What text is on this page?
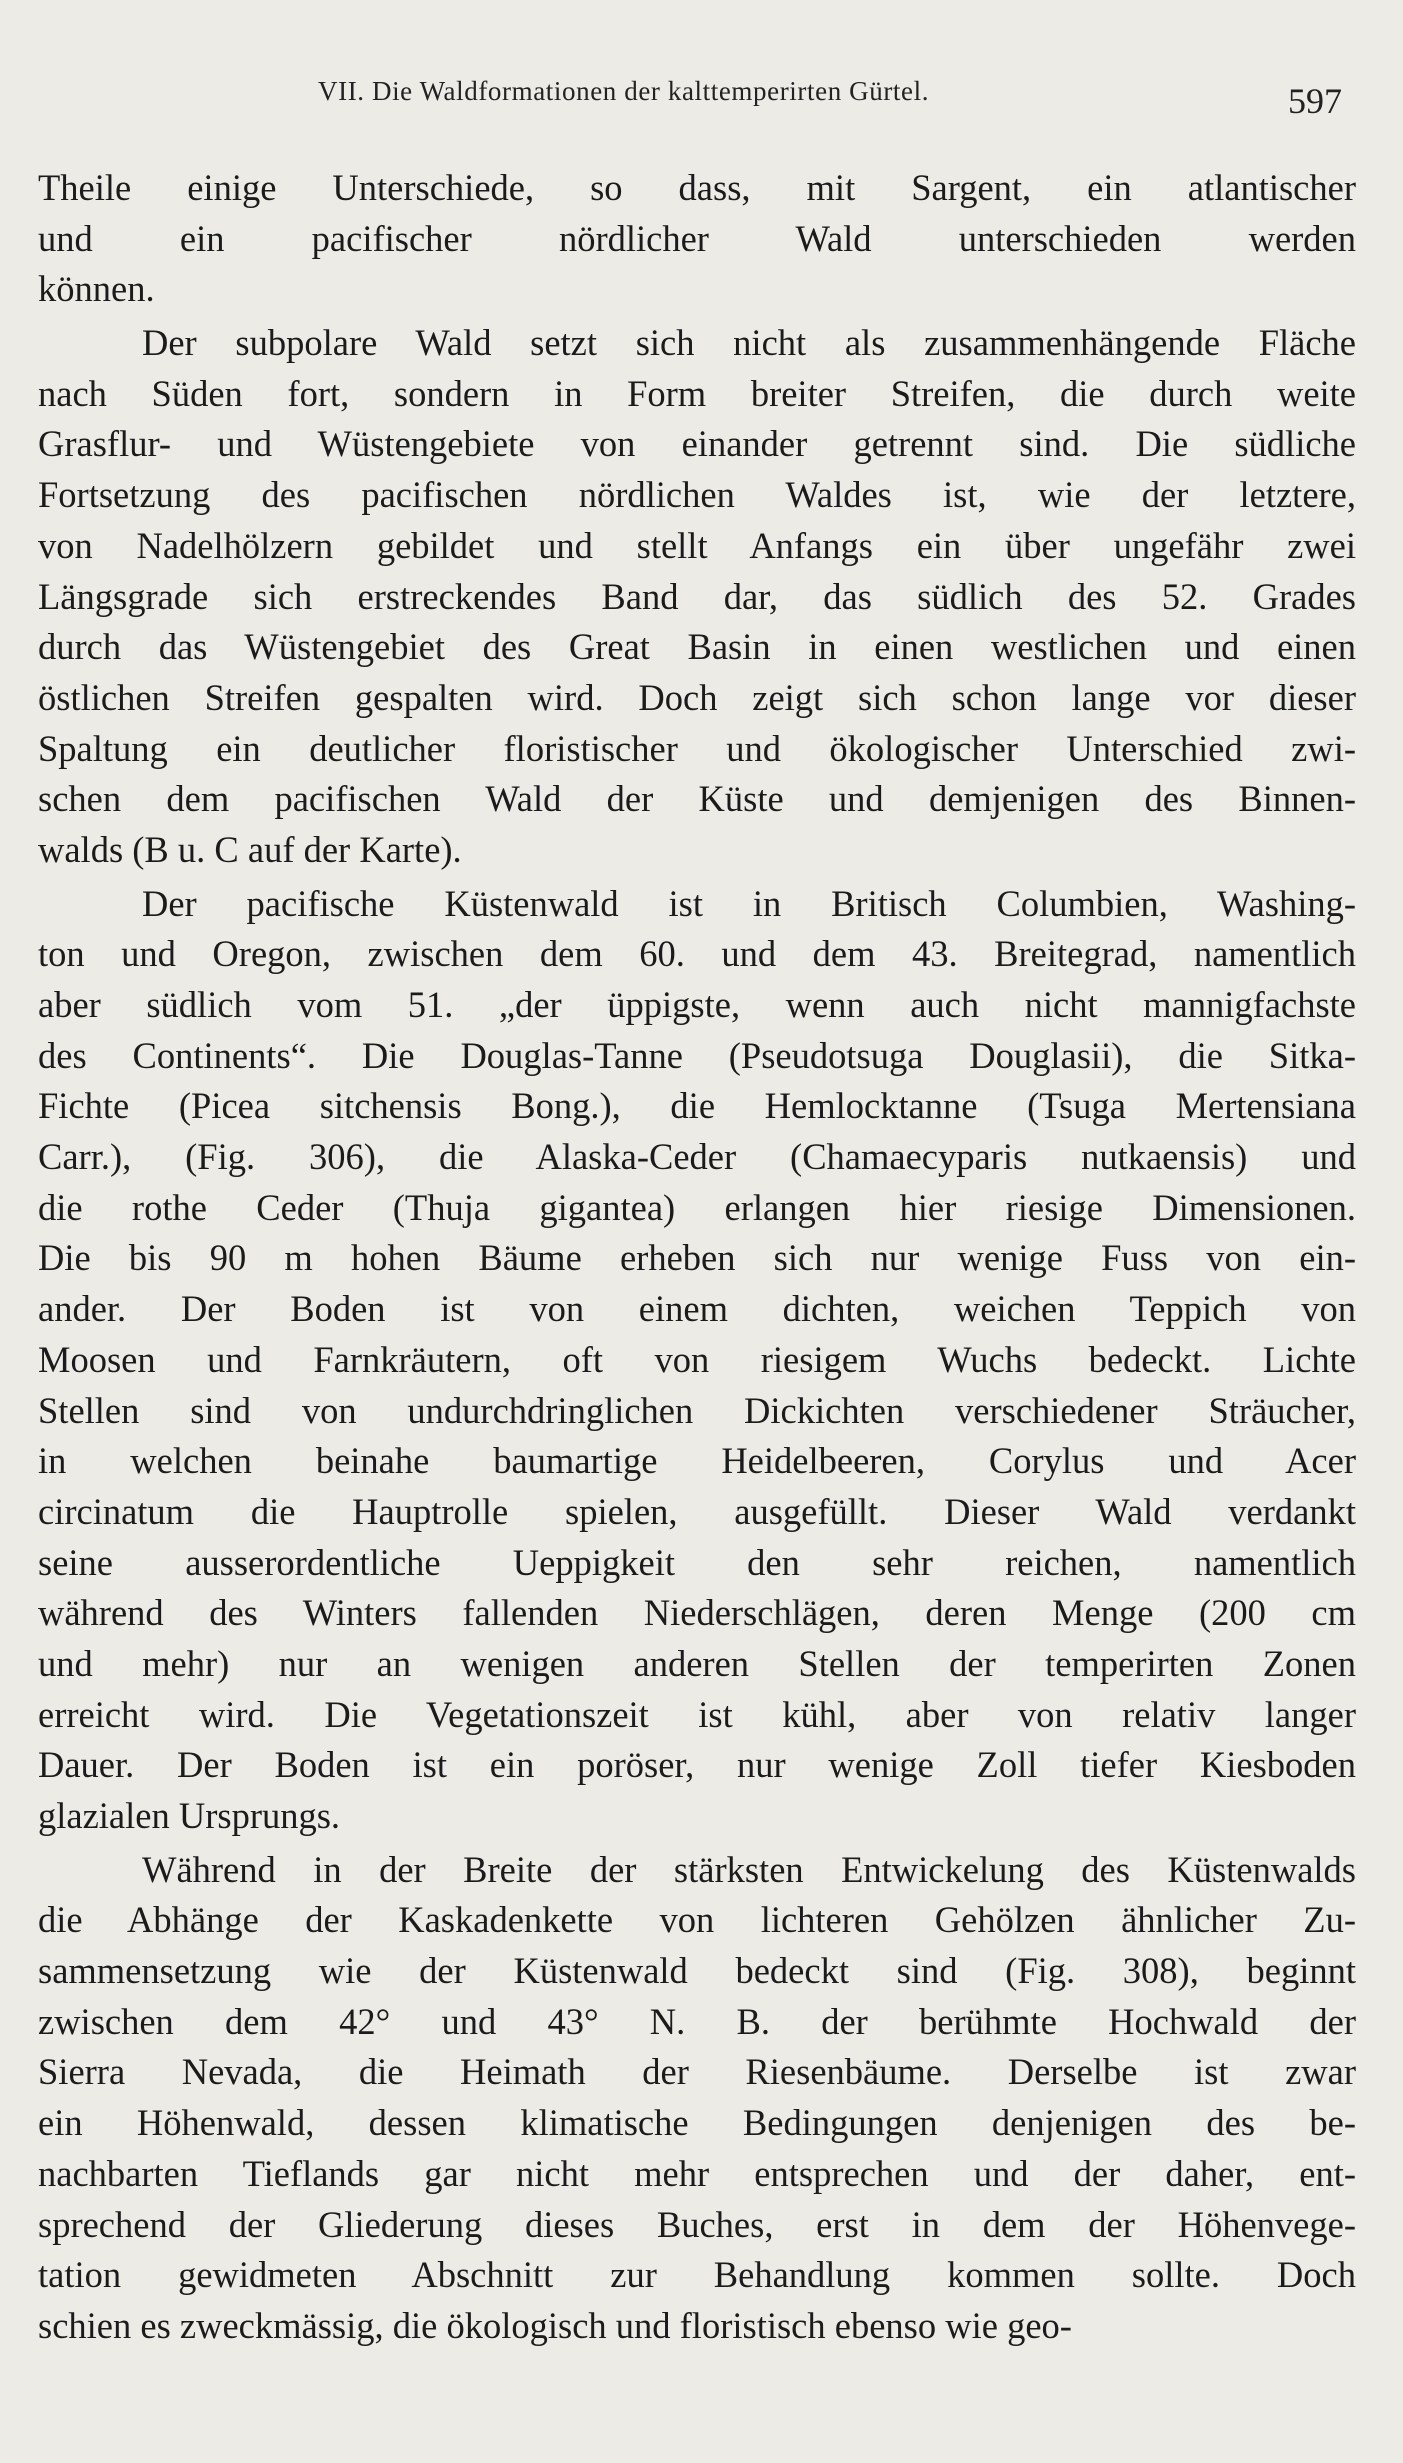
VII. Die Waldformationen der kalttemperirten Gürtel.	597
Theile einige Unterschiede, so dass, mit Sargent, ein atlantischer
und ein pacifischer nördlicher Wald unterschieden werden
können.
Der subpolare Wald setzt sich nicht als zusammenhängende Fläche
nach Süden fort, sondern in Form breiter Streifen, die durch weite
Grasflur- und Wüstengebiete von einander getrennt sind. Die südliche
Fortsetzung des pacifischen nördlichen Waldes ist, wie der letztere,
von Nadelhölzern gebildet und stellt Anfangs ein über ungefähr zwei
Längsgrade sich erstreckendes Band dar, das südlich des 52. Grades
durch das Wüstengebiet des Great Basin in einen westlichen und einen
östlichen Streifen gespalten wird. Doch zeigt sich schon lange vor dieser
Spaltung ein deutlicher floristischer und ökologischer Unterschied zwi-
schen dem pacifischen Wald der Küste und demjenigen des Binnen-
walds (B u. C auf der Karte).
Der pacifische Küstenwald ist in Britisch Columbien, Washing-
ton und Oregon, zwischen dem 60. und dem 43. Breitegrad, namentlich
aber südlich vom 51. „der üppigste, wenn auch nicht mannigfachste
des Continents“. Die Douglas-Tanne (Pseudotsuga Douglasii), die Sitka-
Fichte (Picea sitchensis Bong.), die Hemlocktanne (Tsuga Mertensiana
Carr.), (Fig. 306), die Alaska-Ceder (Chamaecyparis nutkaensis) und
die rothe Ceder (Thuja gigantea) erlangen hier riesige Dimensionen.
Die bis 90 m hohen Bäume erheben sich nur wenige Fuss von ein-
ander. Der Boden ist von einem dichten, weichen Teppich von
Moosen und Farnkräutern, oft von riesigem Wuchs bedeckt. Lichte
Stellen sind von undurchdringlichen Dickichten verschiedener Sträucher,
in welchen beinahe baumartige Heidelbeeren, Corylus und Acer
circinatum die Hauptrolle spielen, ausgefüllt. Dieser Wald verdankt
seine ausserordentliche Ueppigkeit den sehr reichen, namentlich
während des Winters fallenden Niederschlägen, deren Menge (200 cm
und mehr) nur an wenigen anderen Stellen der temperirten Zonen
erreicht wird. Die Vegetationszeit ist kühl, aber von relativ langer
Dauer. Der Boden ist ein poröser, nur wenige Zoll tiefer Kiesboden
glazialen Ursprungs.
Während in der Breite der stärksten Entwickelung des Küstenwalds
die Abhänge der Kaskadenkette von lichteren Gehölzen ähnlicher Zu-
sammensetzung wie der Küstenwald bedeckt sind (Fig. 308), beginnt
zwischen dem 42° und 43° N. B. der berühmte Hochwald der
Sierra Nevada, die Heimath der Riesenbäume. Derselbe ist zwar
ein Höhenwald, dessen klimatische Bedingungen denjenigen des be-
nachbarten Tieflands gar nicht mehr entsprechen und der daher, ent-
sprechend der Gliederung dieses Buches, erst in dem der Höhenvege-
tation gewidmeten Abschnitt zur Behandlung kommen sollte. Doch
schien es zweckmässig, die ökologisch und floristisch ebenso wie geo-
